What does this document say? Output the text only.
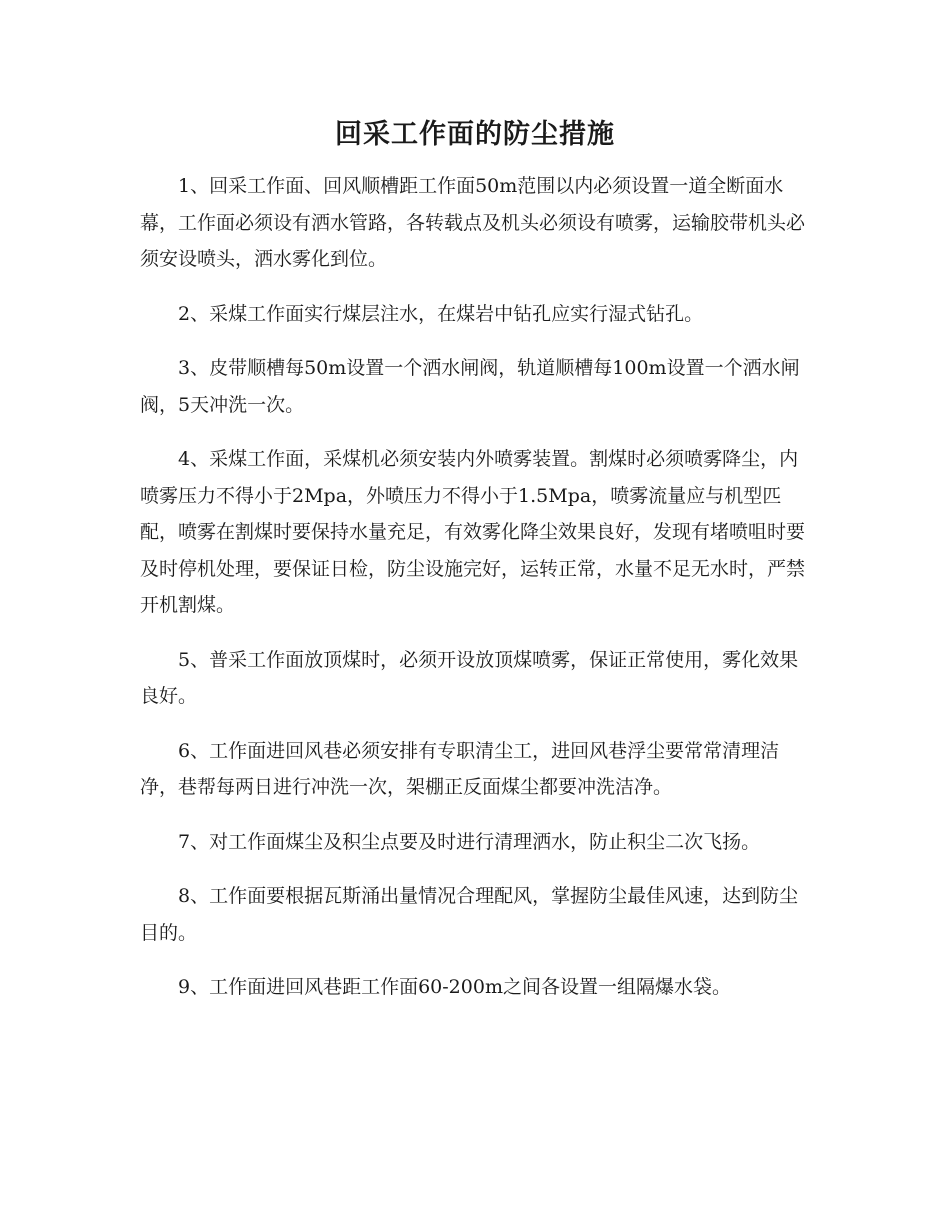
回采工作面的防尘措施

1、回采工作面、回风顺槽距工作面50m范围以内必须设置一道全断面水幕，工作面必须设有洒水管路，各转载点及机头必须设有喷雾，运输胶带机头必须安设喷头，洒水雾化到位。

2、采煤工作面实行煤层注水，在煤岩中钻孔应实行湿式钻孔。

3、皮带顺槽每50m设置一个洒水闸阀，轨道顺槽每100m设置一个洒水闸阀，5天冲洗一次。

4、采煤工作面，采煤机必须安装内外喷雾装置。割煤时必须喷雾降尘，内喷雾压力不得小于2Mpa，外喷压力不得小于1.5Mpa，喷雾流量应与机型匹配，喷雾在割煤时要保持水量充足，有效雾化降尘效果良好，发现有堵喷咀时要及时停机处理，要保证日检，防尘设施完好，运转正常，水量不足无水时，严禁开机割煤。

5、普采工作面放顶煤时，必须开设放顶煤喷雾，保证正常使用，雾化效果良好。

6、工作面进回风巷必须安排有专职清尘工，进回风巷浮尘要常常清理洁净，巷帮每两日进行冲洗一次，架棚正反面煤尘都要冲洗洁净。

7、对工作面煤尘及积尘点要及时进行清理洒水，防止积尘二次飞扬。

8、工作面要根据瓦斯涌出量情况合理配风，掌握防尘最佳风速，达到防尘目的。

9、工作面进回风巷距工作面60-200m之间各设置一组隔爆水袋。
